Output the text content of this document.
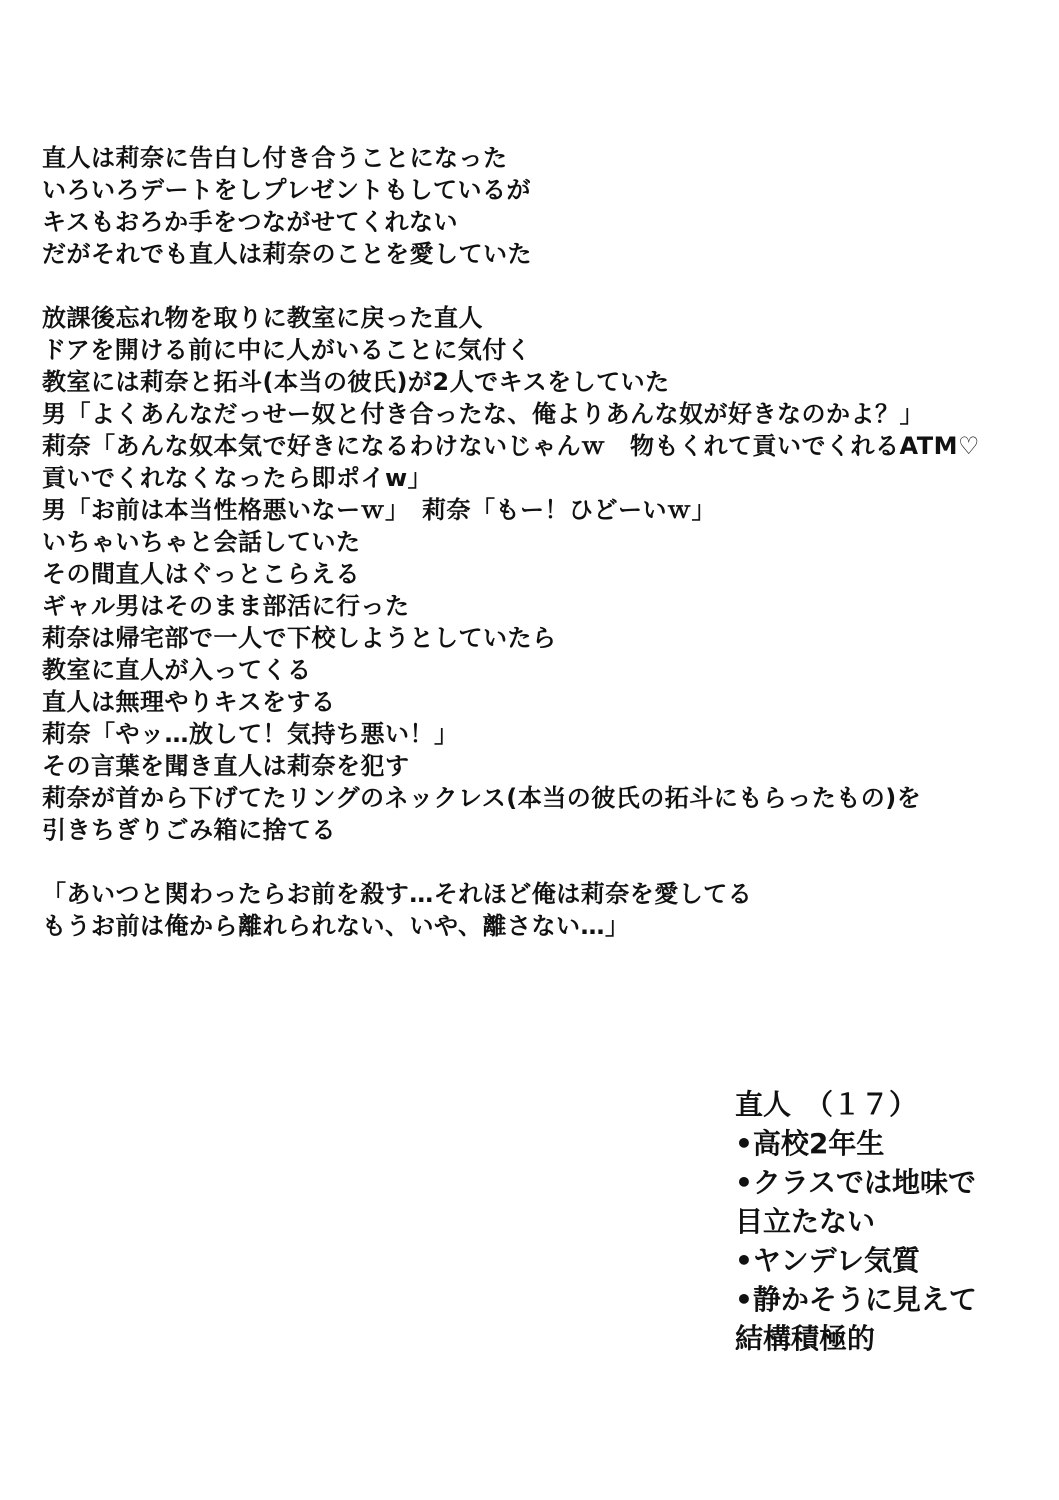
直人は莉奈に告白し付き合うことになった
いろいろデートをしプレゼントもしているが
キスもおろか手をつながせてくれない
だがそれでも直人は莉奈のことを愛していた
放課後忘れ物を取りに教室に戻った直人
ドアを開ける前に中に人がいることに気付く
教室には莉奈と拓斗(本当の彼氏)が2人でキスをしていた
男「よくあんなだっせー奴と付き合ったな、俺よりあんな奴が好きなのかよ？」
莉奈「あんな奴本気で好きになるわけないじゃんｗ　物もくれて貢いでくれるATM♡
貢いでくれなくなったら即ポイw」
男「お前は本当性格悪いなーｗ」　莉奈「もー！ひどーいｗ」
いちゃいちゃと会話していた
その間直人はぐっとこらえる
ギャル男はそのまま部活に行った
莉奈は帰宅部で一人で下校しようとしていたら
教室に直人が入ってくる
直人は無理やりキスをする
莉奈「やッ…放して！気持ち悪い！」
その言葉を聞き直人は莉奈を犯す
莉奈が首から下げてたリングのネックレス(本当の彼氏の拓斗にもらったもの)を
引きちぎりごみ箱に捨てる
「あいつと関わったらお前を殺す…それほど俺は莉奈を愛してる
もうお前は俺から離れられない、いや、離さない…」
直人　（１７）
•高校2年生
•クラスでは地味で
目立たない
•ヤンデレ気質
•静かそうに見えて
結構積極的
